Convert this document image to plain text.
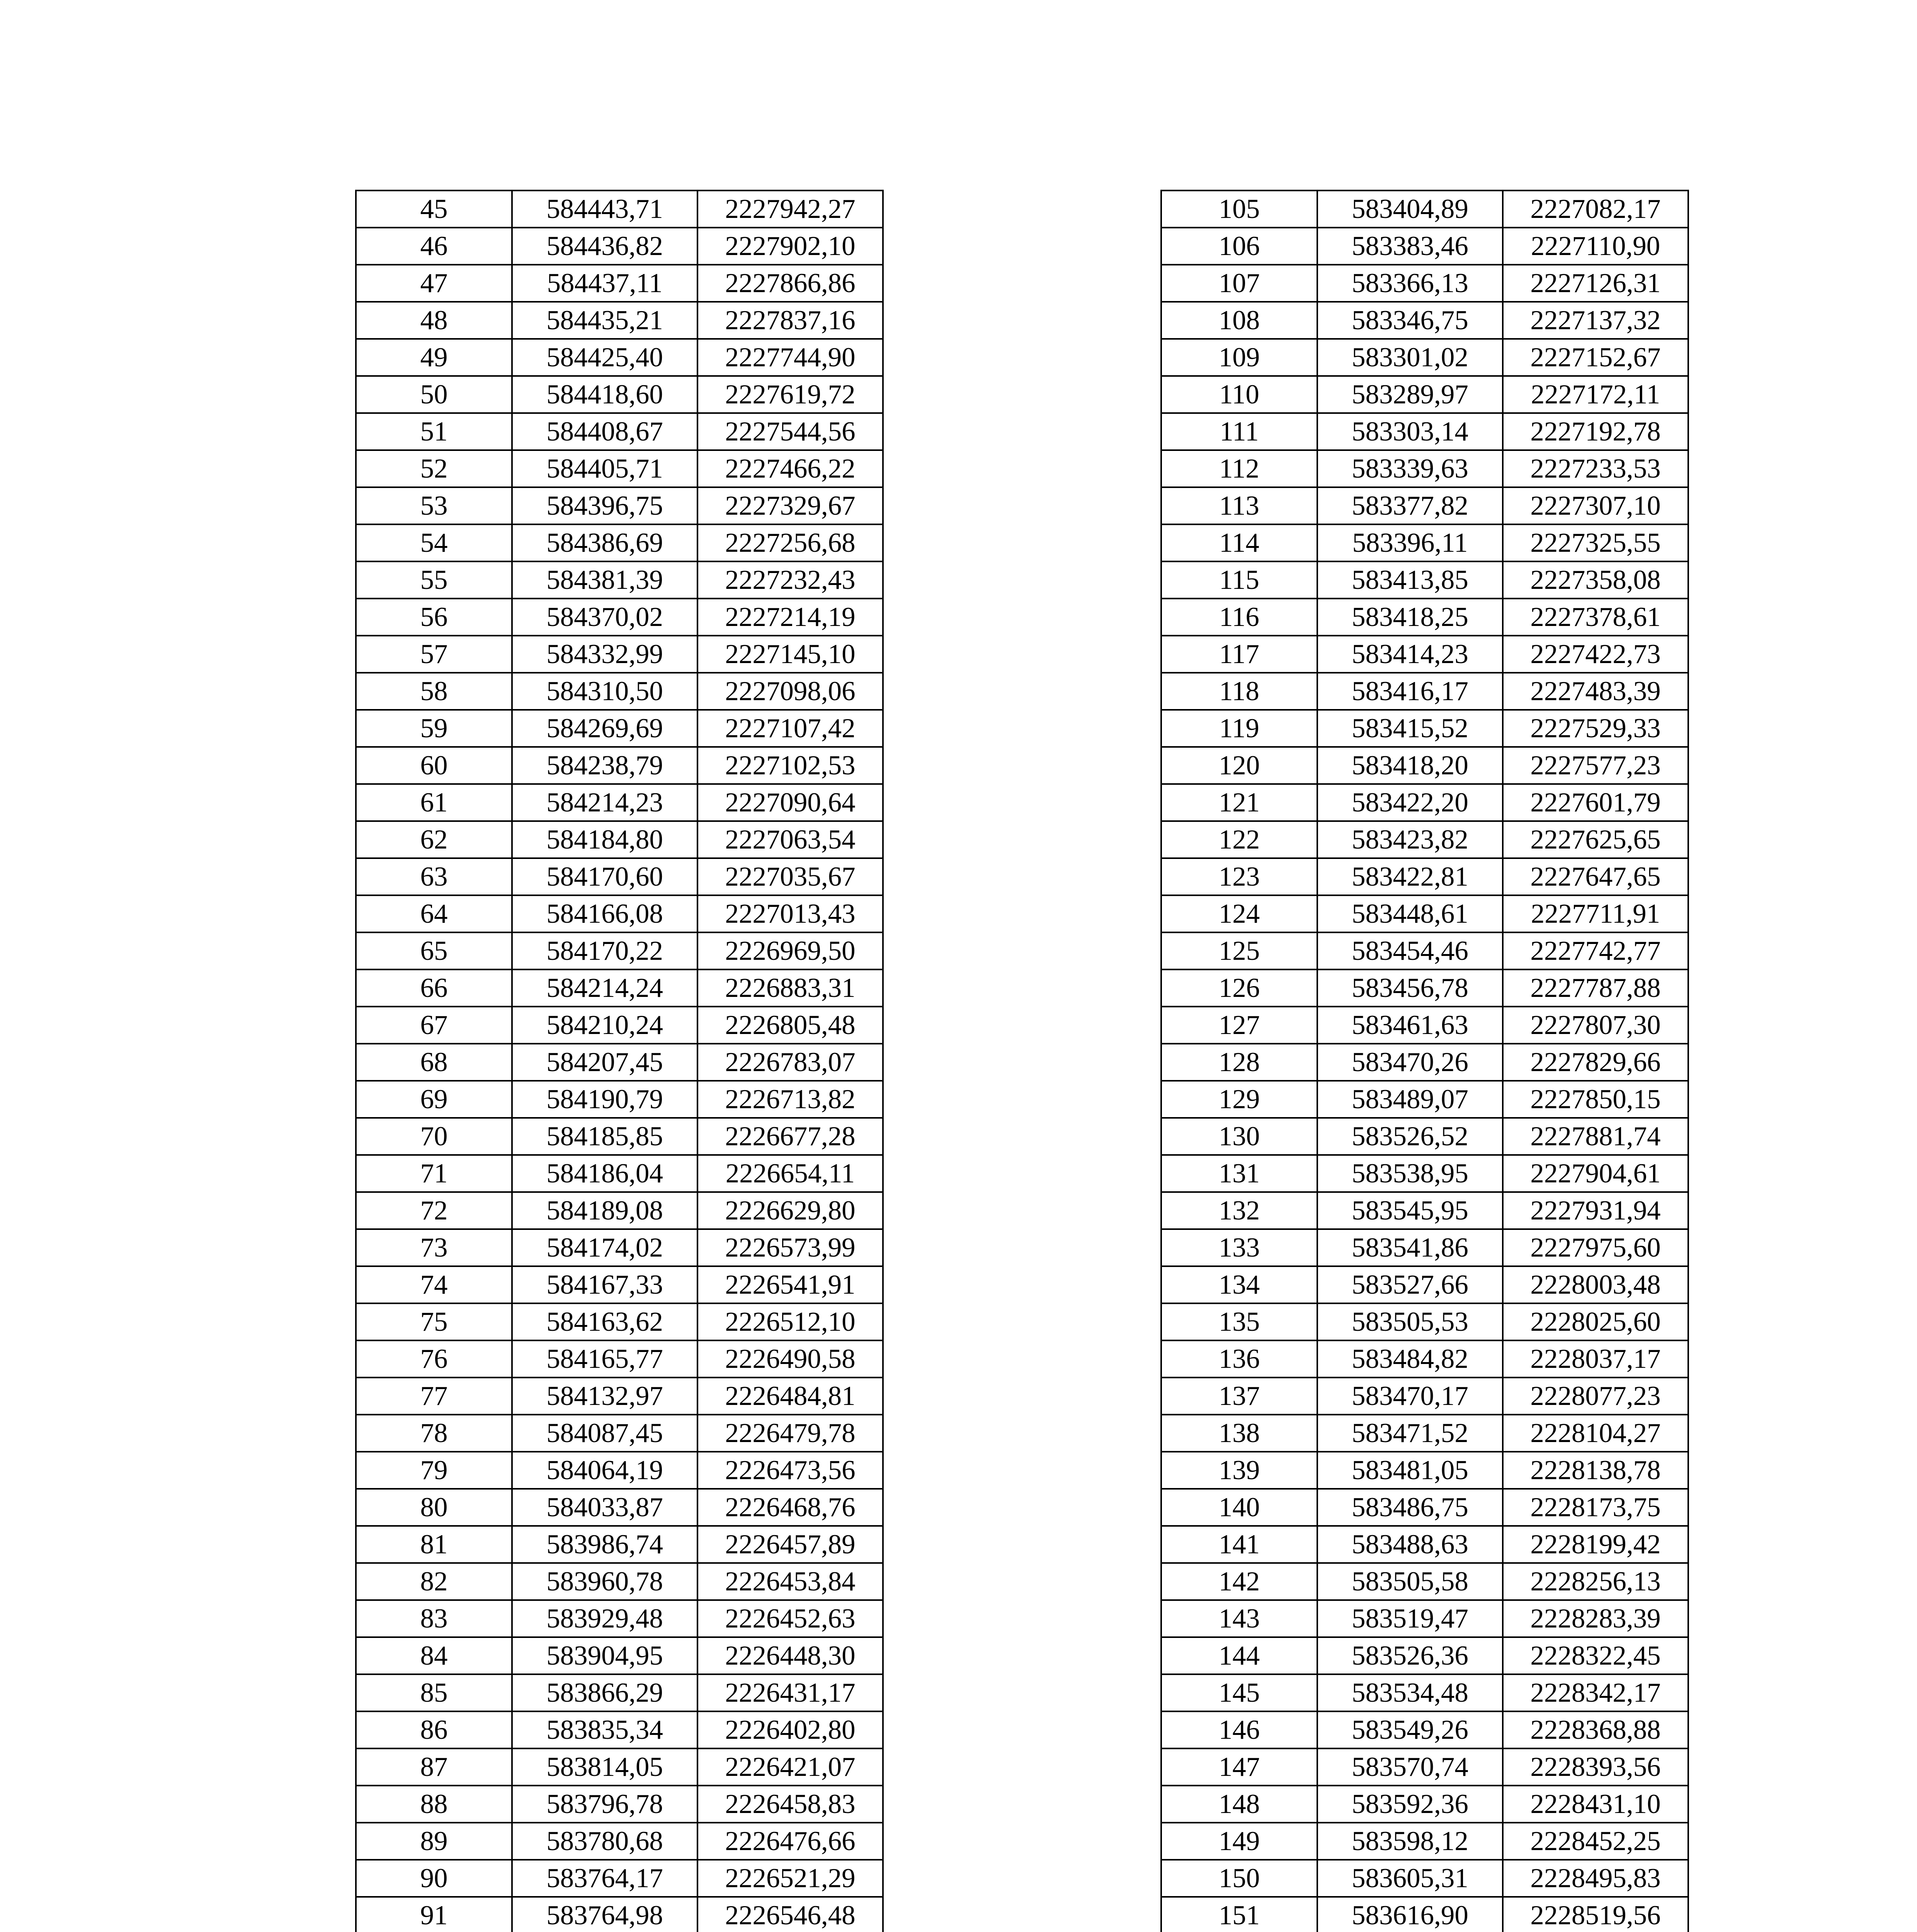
45	584443,71	2227942,27
46	584436,82	2227902,10
47	584437,11	2227866,86
48	584435,21	2227837,16
49	584425,40	2227744,90
50	584418,60	2227619,72
51	584408,67	2227544,56
52	584405,71	2227466,22
53	584396,75	2227329,67
54	584386,69	2227256,68
55	584381,39	2227232,43
56	584370,02	2227214,19
57	584332,99	2227145,10
58	584310,50	2227098,06
59	584269,69	2227107,42
60	584238,79	2227102,53
61	584214,23	2227090,64
62	584184,80	2227063,54
63	584170,60	2227035,67
64	584166,08	2227013,43
65	584170,22	2226969,50
66	584214,24	2226883,31
67	584210,24	2226805,48
68	584207,45	2226783,07
69	584190,79	2226713,82
70	584185,85	2226677,28
71	584186,04	2226654,11
72	584189,08	2226629,80
73	584174,02	2226573,99
74	584167,33	2226541,91
75	584163,62	2226512,10
76	584165,77	2226490,58
77	584132,97	2226484,81
78	584087,45	2226479,78
79	584064,19	2226473,56
80	584033,87	2226468,76
81	583986,74	2226457,89
82	583960,78	2226453,84
83	583929,48	2226452,63
84	583904,95	2226448,30
85	583866,29	2226431,17
86	583835,34	2226402,80
87	583814,05	2226421,07
88	583796,78	2226458,83
89	583780,68	2226476,66
90	583764,17	2226521,29
91	583764,98	2226546,48

105	583404,89	2227082,17
106	583383,46	2227110,90
107	583366,13	2227126,31
108	583346,75	2227137,32
109	583301,02	2227152,67
110	583289,97	2227172,11
111	583303,14	2227192,78
112	583339,63	2227233,53
113	583377,82	2227307,10
114	583396,11	2227325,55
115	583413,85	2227358,08
116	583418,25	2227378,61
117	583414,23	2227422,73
118	583416,17	2227483,39
119	583415,52	2227529,33
120	583418,20	2227577,23
121	583422,20	2227601,79
122	583423,82	2227625,65
123	583422,81	2227647,65
124	583448,61	2227711,91
125	583454,46	2227742,77
126	583456,78	2227787,88
127	583461,63	2227807,30
128	583470,26	2227829,66
129	583489,07	2227850,15
130	583526,52	2227881,74
131	583538,95	2227904,61
132	583545,95	2227931,94
133	583541,86	2227975,60
134	583527,66	2228003,48
135	583505,53	2228025,60
136	583484,82	2228037,17
137	583470,17	2228077,23
138	583471,52	2228104,27
139	583481,05	2228138,78
140	583486,75	2228173,75
141	583488,63	2228199,42
142	583505,58	2228256,13
143	583519,47	2228283,39
144	583526,36	2228322,45
145	583534,48	2228342,17
146	583549,26	2228368,88
147	583570,74	2228393,56
148	583592,36	2228431,10
149	583598,12	2228452,25
150	583605,31	2228495,83
151	583616,90	2228519,56
